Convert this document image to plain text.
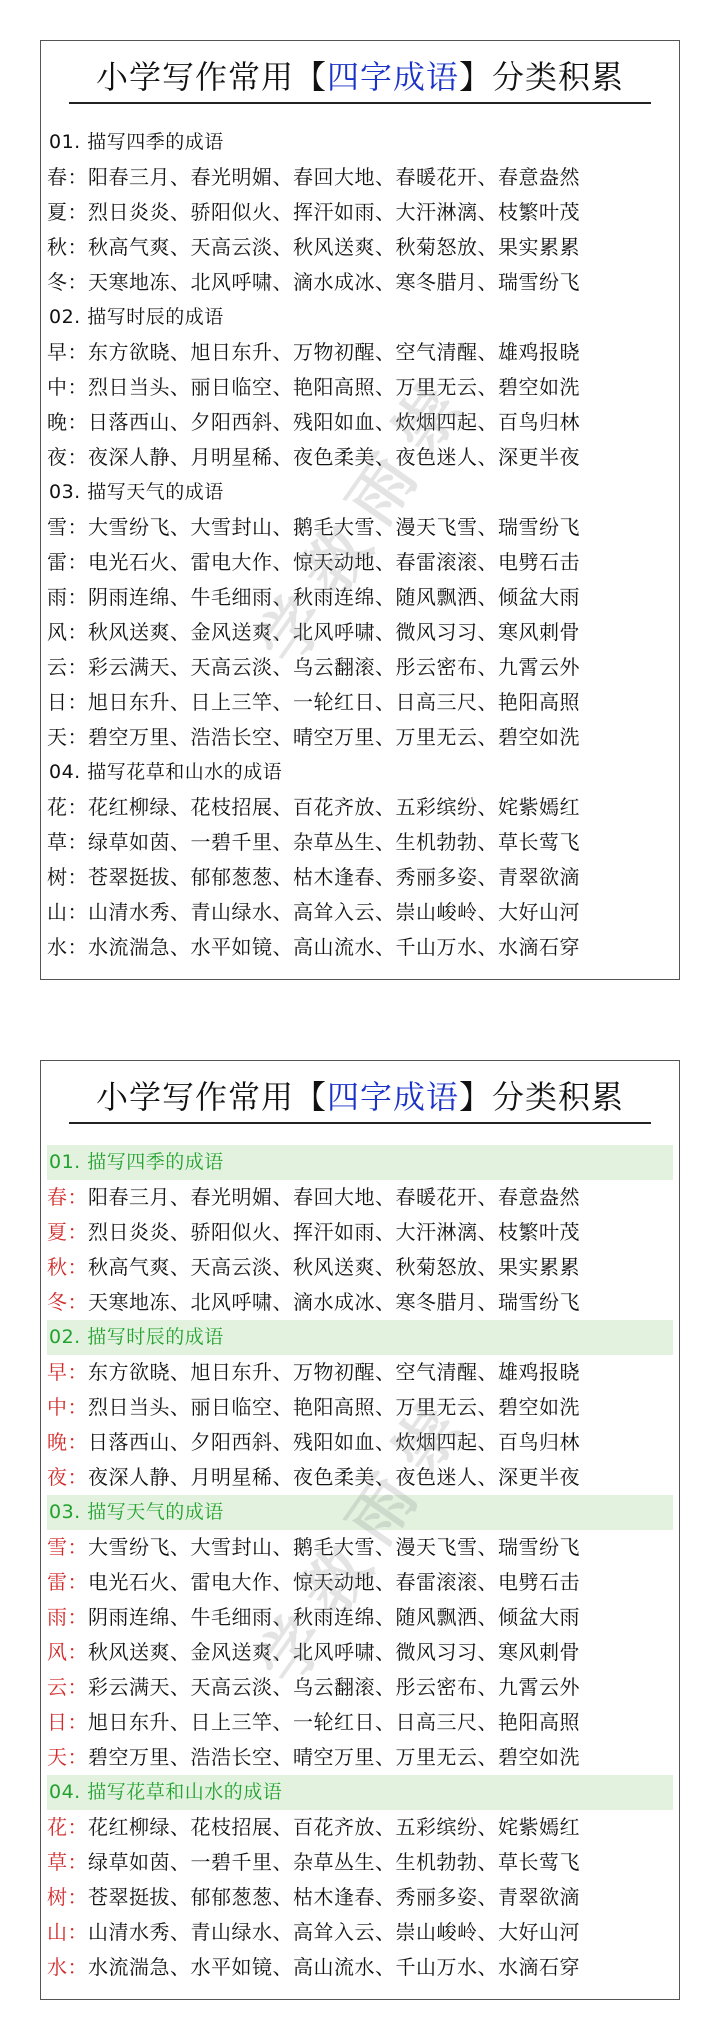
小学写作常用【四字成语】分类积累
01. 描写四季的成语
春：阳春三月、春光明媚、春回大地、春暖花开、春意盎然
夏：烈日炎炎、骄阳似火、挥汗如雨、大汗淋漓、枝繁叶茂
秋：秋高气爽、天高云淡、秋风送爽、秋菊怒放、果实累累
冬：天寒地冻、北风呼啸、滴水成冰、寒冬腊月、瑞雪纷飞
02. 描写时辰的成语
早：东方欲晓、旭日东升、万物初醒、空气清醒、雄鸡报晓
中：烈日当头、丽日临空、艳阳高照、万里无云、碧空如洗
晚：日落西山、夕阳西斜、残阳如血、炊烟四起、百鸟归林
夜：夜深人静、月明星稀、夜色柔美、夜色迷人、深更半夜
03. 描写天气的成语
雪：大雪纷飞、大雪封山、鹅毛大雪、漫天飞雪、瑞雪纷飞
雷：电光石火、雷电大作、惊天动地、春雷滚滚、电劈石击
雨：阴雨连绵、牛毛细雨、秋雨连绵、随风飘洒、倾盆大雨
风：秋风送爽、金风送爽、北风呼啸、微风习习、寒风刺骨
云：彩云满天、天高云淡、乌云翻滚、彤云密布、九霄云外
日：旭日东升、日上三竿、一轮红日、日高三尺、艳阳高照
天：碧空万里、浩浩长空、晴空万里、万里无云、碧空如洗
04. 描写花草和山水的成语
花：花红柳绿、花枝招展、百花齐放、五彩缤纷、姹紫嫣红
草：绿草如茵、一碧千里、杂草丛生、生机勃勃、草长莺飞
树：苍翠挺拔、郁郁葱葱、枯木逢春、秀丽多姿、青翠欲滴
山：山清水秀、青山绿水、高耸入云、崇山峻岭、大好山河
水：水流湍急、水平如镜、高山流水、千山万水、水滴石穿
崇
雨
教
学
小学写作常用【四字成语】分类积累
01. 描写四季的成语
春：阳春三月、春光明媚、春回大地、春暖花开、春意盎然
夏：烈日炎炎、骄阳似火、挥汗如雨、大汗淋漓、枝繁叶茂
秋：秋高气爽、天高云淡、秋风送爽、秋菊怒放、果实累累
冬：天寒地冻、北风呼啸、滴水成冰、寒冬腊月、瑞雪纷飞
02. 描写时辰的成语
早：东方欲晓、旭日东升、万物初醒、空气清醒、雄鸡报晓
中：烈日当头、丽日临空、艳阳高照、万里无云、碧空如洗
晚：日落西山、夕阳西斜、残阳如血、炊烟四起、百鸟归林
夜：夜深人静、月明星稀、夜色柔美、夜色迷人、深更半夜
03. 描写天气的成语
雪：大雪纷飞、大雪封山、鹅毛大雪、漫天飞雪、瑞雪纷飞
雷：电光石火、雷电大作、惊天动地、春雷滚滚、电劈石击
雨：阴雨连绵、牛毛细雨、秋雨连绵、随风飘洒、倾盆大雨
风：秋风送爽、金风送爽、北风呼啸、微风习习、寒风刺骨
云：彩云满天、天高云淡、乌云翻滚、彤云密布、九霄云外
日：旭日东升、日上三竿、一轮红日、日高三尺、艳阳高照
天：碧空万里、浩浩长空、晴空万里、万里无云、碧空如洗
04. 描写花草和山水的成语
花：花红柳绿、花枝招展、百花齐放、五彩缤纷、姹紫嫣红
草：绿草如茵、一碧千里、杂草丛生、生机勃勃、草长莺飞
树：苍翠挺拔、郁郁葱葱、枯木逢春、秀丽多姿、青翠欲滴
山：山清水秀、青山绿水、高耸入云、崇山峻岭、大好山河
水：水流湍急、水平如镜、高山流水、千山万水、水滴石穿
崇
雨
教
学
